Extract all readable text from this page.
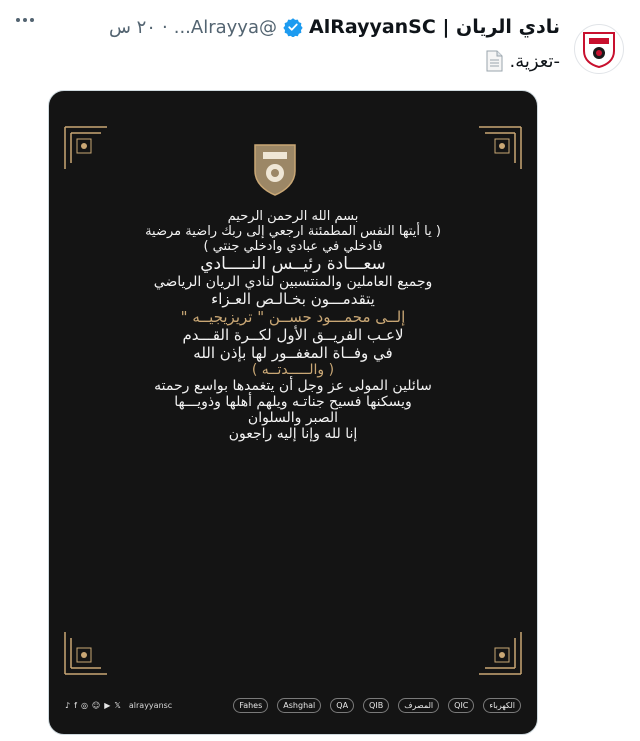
نادي الريان | AlRayyanSC
@Alrayya...
·
٢٠ س
-تعزية.

بسم الله الرحمن الرحيم

( يا أيتها النفس المطمئنة ارجعي إلى ربك راضية مرضية

فادخلي في عبادي وادخلي جنتي )

سعـــادة رئيــس النـــــادي

وجميع العاملين والمنتسبين لنادي الريان الرياضي

يتقدمـــون بخـالـص العـزاء

إلــى محمـــود حســن " تريزيجيــه "

لاعـب الفريــق الأول لكــرة القـــدم

في وفــاة المغفــور لها بإذن الله

( والـــــدتــه )

سائلين المولى عز وجل أن يتغمدها بواسع رحمته

ويسكنها فسيح جناتـه ويلهم أهلها وذويـــها

الصبر والسلوان

إنا لله وإنا إليه راجعون

♪ f ◎ ☺ ▶ 𝕏 alrayyansc	Fahes	Ashghal	QA	QIB	المصرف	QIC	الكهرباء
